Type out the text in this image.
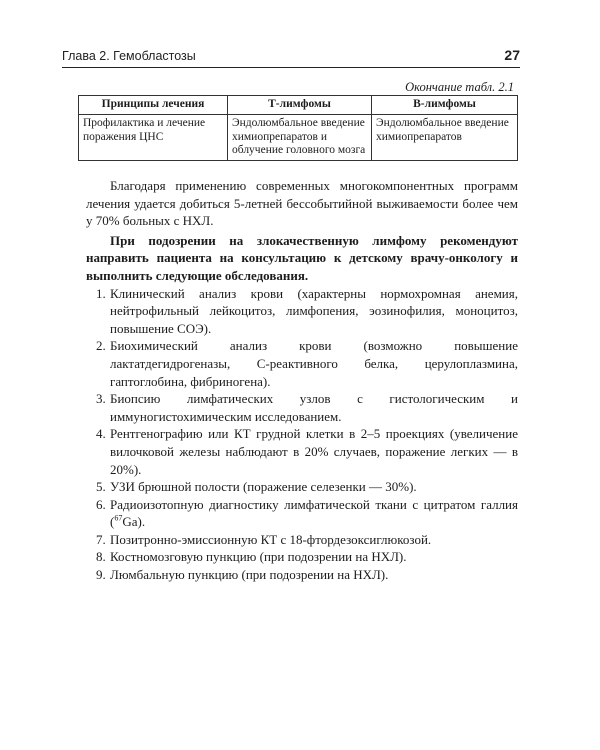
Глава 2. Гемобластозы	27
Окончание табл. 2.1
Принципы лечения	Т-лимфомы	В-лимфомы
Профилактика и лечение поражения ЦНС	Эндолюмбальное введение химиопрепаратов и облучение головного мозга	Эндолюмбальное введение химиопрепаратов

Благодаря применению современных многокомпонентных программ лечения удается добиться 5-летней бессобытийной выживаемости более чем у 70% больных с НХЛ.

При подозрении на злокачественную лимфому рекомендуют направить пациента на консультацию к детскому врачу-онкологу и выполнить следующие обследования.

1. Клинический анализ крови (характерны нормохромная анемия, нейтрофильный лейкоцитоз, лимфопения, эозинофилия, моноцитоз, повышение СОЭ).
2. Биохимический анализ крови (возможно повышение лактатдегидрогеназы, С-реактивного белка, церулоплазмина, гаптоглобина, фибриногена).
3. Биопсию лимфатических узлов с гистологическим и иммуногистохимическим исследованием.
4. Рентгенографию или КТ грудной клетки в 2–5 проекциях (увеличение вилочковой железы наблюдают в 20% случаев, поражение легких — в 20%).
5. УЗИ брюшной полости (поражение селезенки — 30%).
6. Радиоизотопную диагностику лимфатической ткани с цитратом галлия ($^{67}$Ga).
7. Позитронно-эмиссионную КТ с 18-фтордезоксиглюкозой.
8. Костномозговую пункцию (при подозрении на НХЛ).
9. Люмбальную пункцию (при подозрении на НХЛ).
